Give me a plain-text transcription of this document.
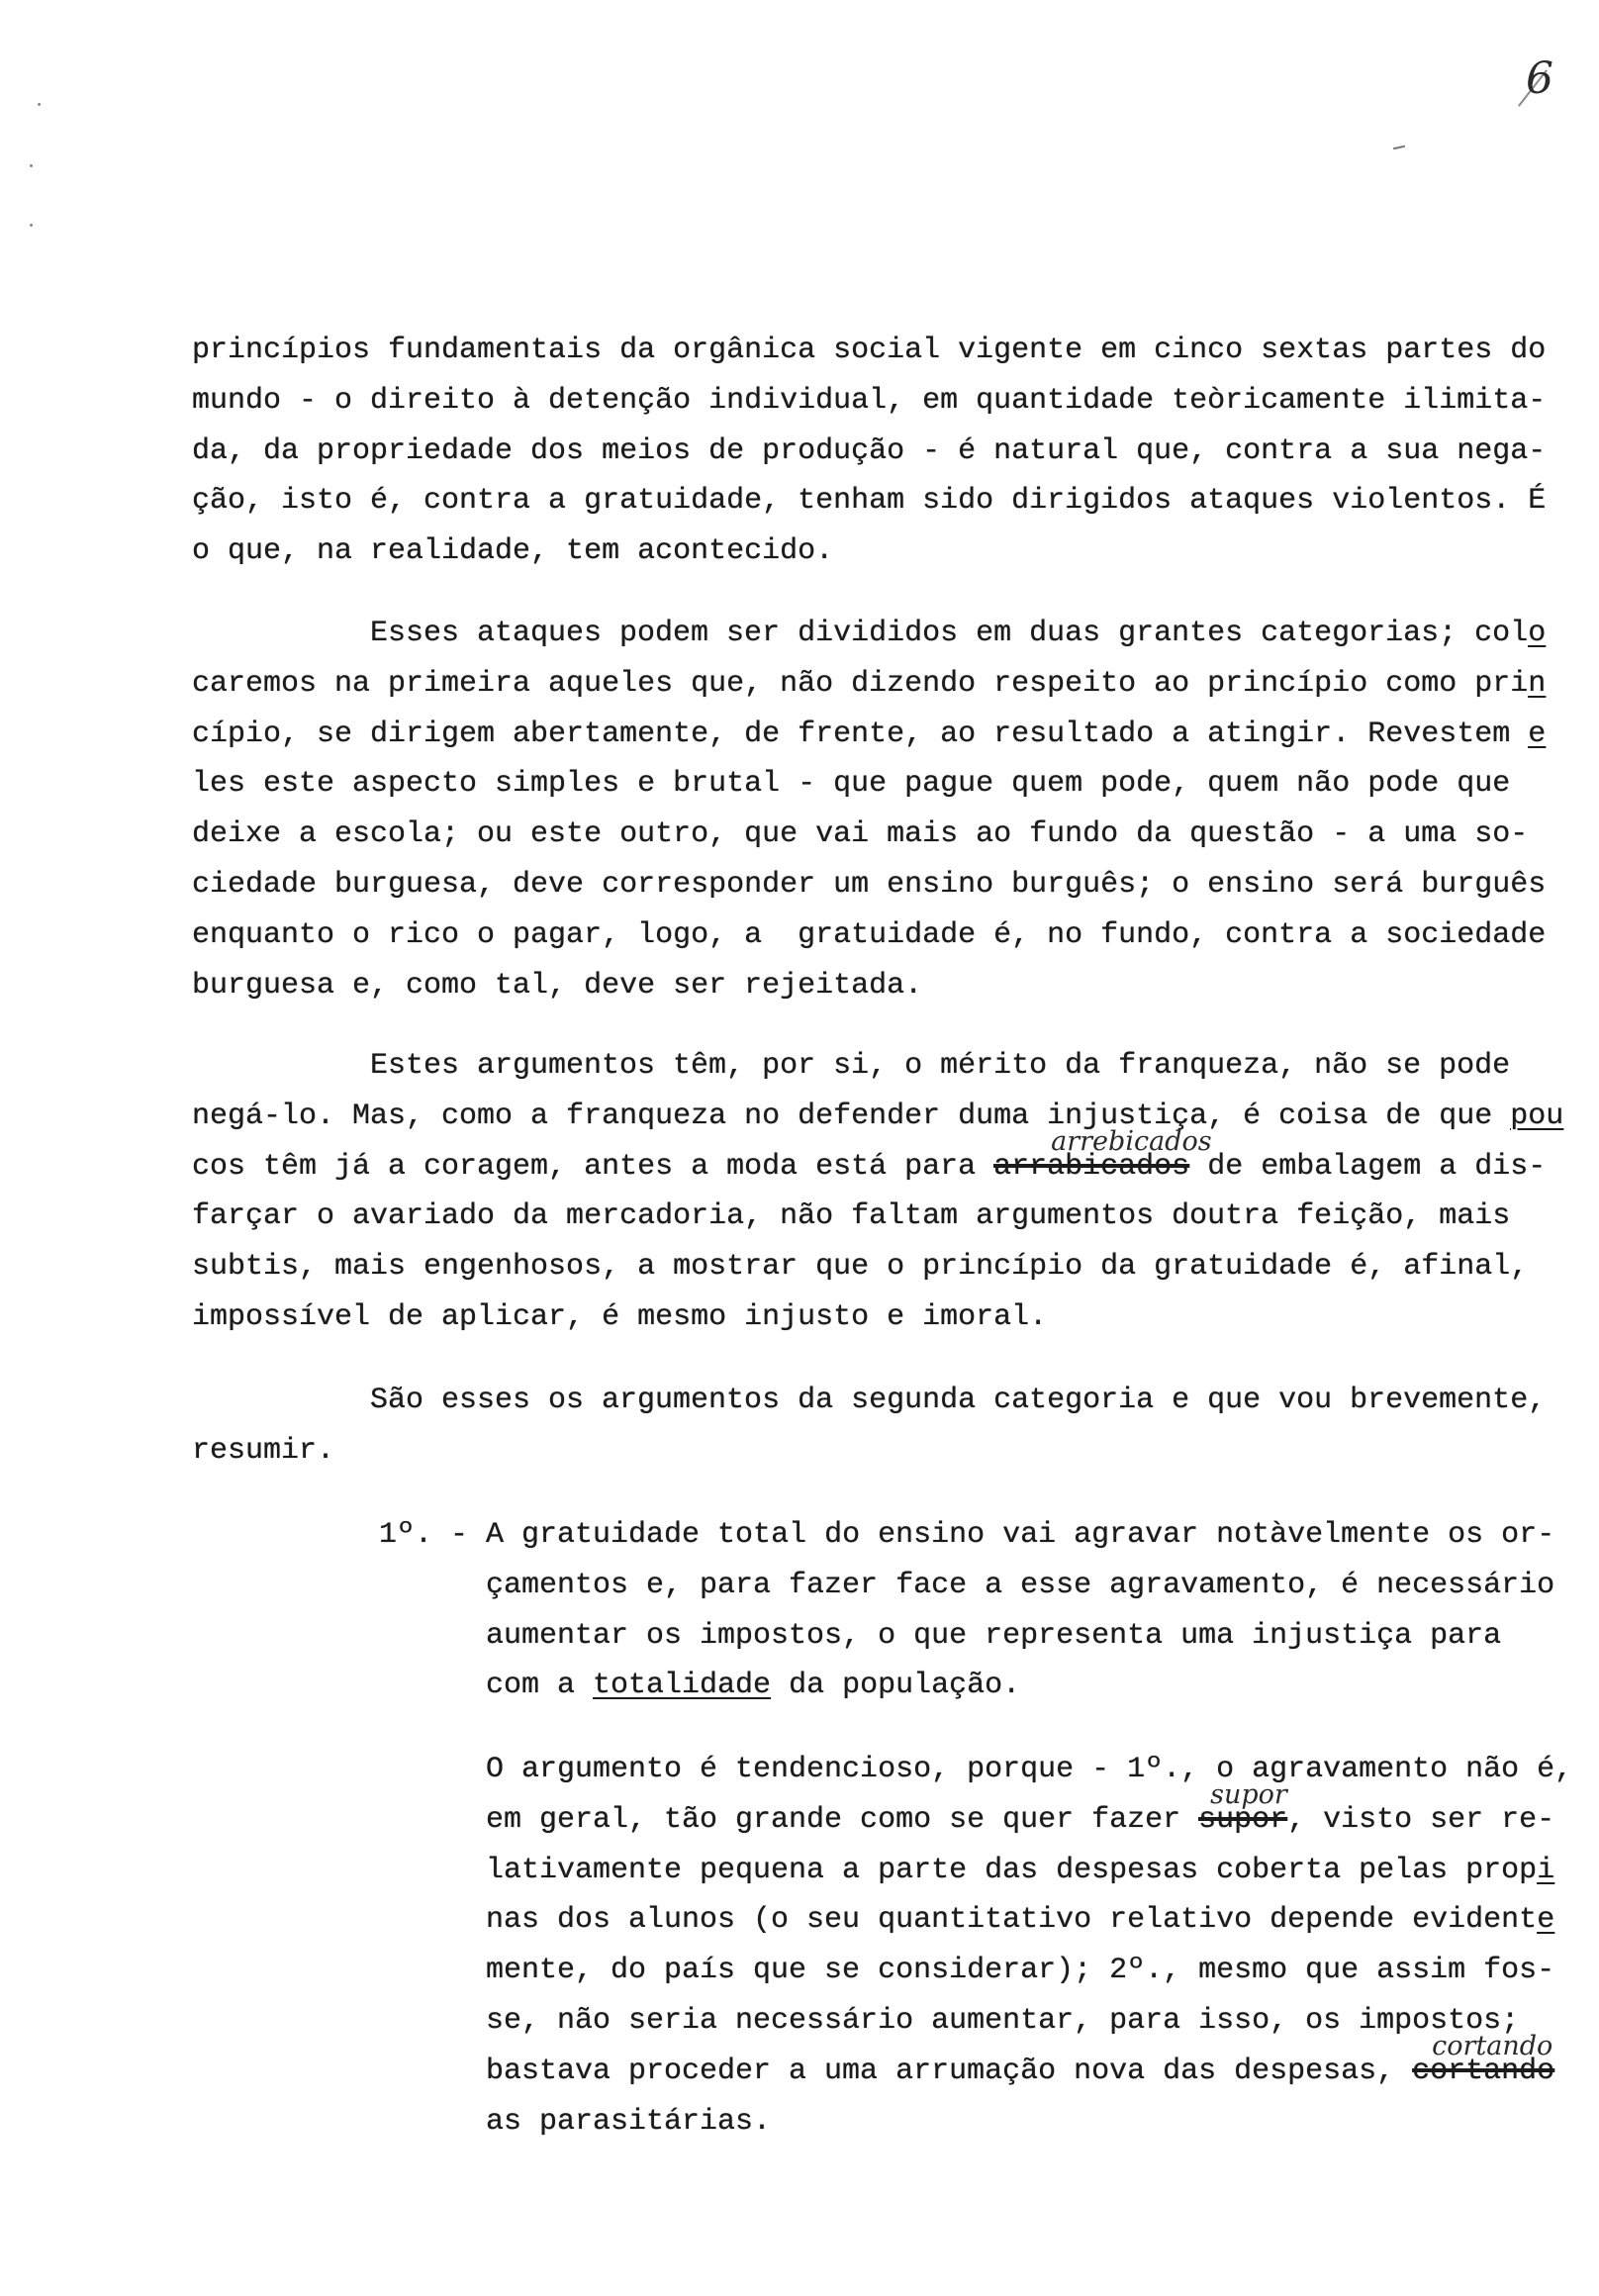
6
princípios fundamentais da orgânica social vigente em cinco sextas partes do
mundo - o direito à detenção individual, em quantidade teòricamente ilimita-
da, da propriedade dos meios de produção - é natural que, contra a sua nega-
ção, isto é, contra a gratuidade, tenham sido dirigidos ataques violentos. É
o que, na realidade, tem acontecido.
Esses ataques podem ser divididos em duas grantes categorias; colo
caremos na primeira aqueles que, não dizendo respeito ao princípio como prin
cípio, se dirigem abertamente, de frente, ao resultado a atingir. Revestem e
les este aspecto simples e brutal - que pague quem pode, quem não pode que
deixe a escola; ou este outro, que vai mais ao fundo da questão - a uma so-
ciedade burguesa, deve corresponder um ensino burguês; o ensino será burguês
enquanto o rico o pagar, logo, a  gratuidade é, no fundo, contra a sociedade
burguesa e, como tal, deve ser rejeitada.
Estes argumentos têm, por si, o mérito da franqueza, não se pode
negá-lo. Mas, como a franqueza no defender duma injustiça, é coisa de que pou
cos têm já a coragem, antes a moda está para
arrebicados
arrabicados de embalagem a dis-
farçar o avariado da mercadoria, não faltam argumentos doutra feição, mais
subtis, mais engenhosos, a mostrar que o princípio da gratuidade é, afinal,
impossível de aplicar, é mesmo injusto e imoral.
São esses os argumentos da segunda categoria e que vou brevemente,
resumir.
1º. - A gratuidade total do ensino vai agravar notàvelmente os or-
çamentos e, para fazer face a esse agravamento, é necessário
aumentar os impostos, o que representa uma injustiça para
com a totalidade da população.
O argumento é tendencioso, porque - 1º., o agravamento não é,
em geral, tão grande como se quer fazer
supor
supor, visto ser re-
lativamente pequena a parte das despesas coberta pelas propi
nas dos alunos (o seu quantitativo relativo depende evidente
mente, do país que se considerar); 2º., mesmo que assim fos-
se, não seria necessário aumentar, para isso, os impostos;
bastava proceder a uma arrumação nova das despesas,
cortando
cortando
as parasitárias.
